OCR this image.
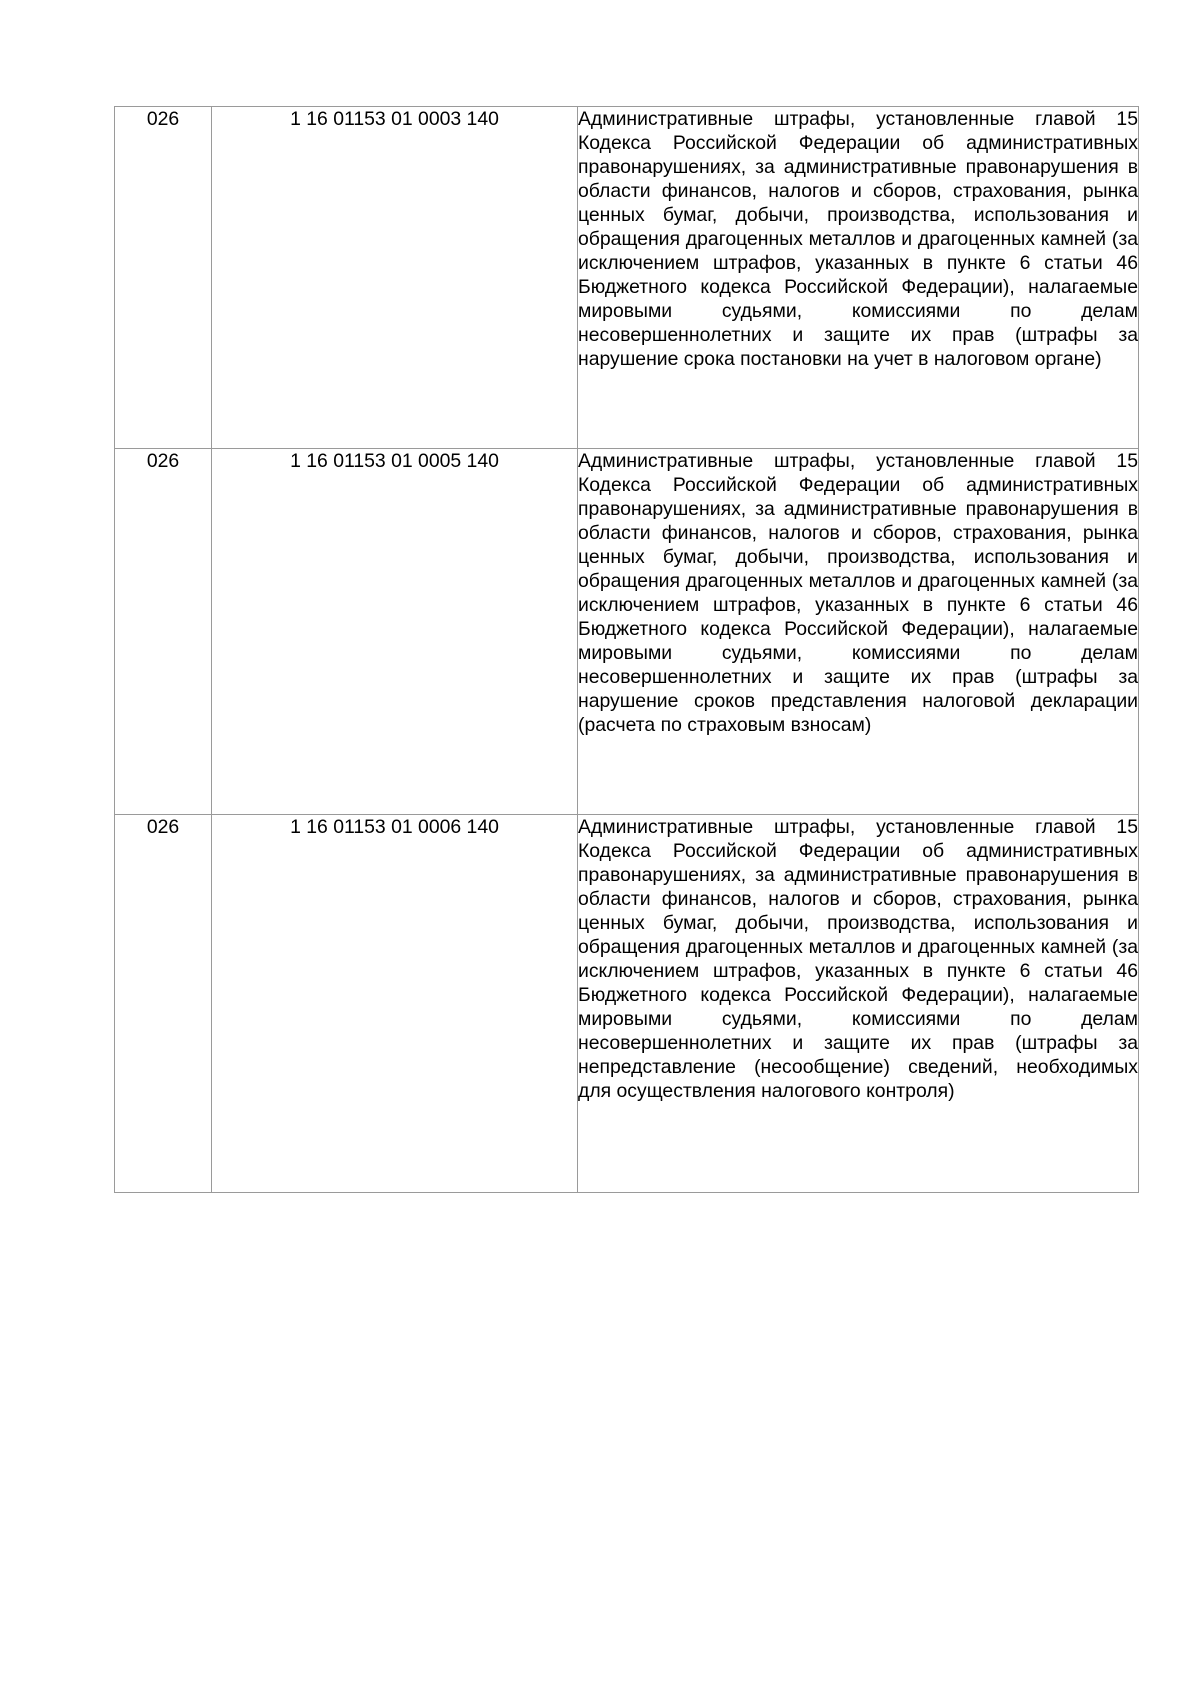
026	1 16 01153 01 0003 140	Административные штрафы, установленные главой 15 Кодекса Российской Федерации об административных правонарушениях, за административные правонарушения в области финансов, налогов и сборов, страхования, рынка ценных бумаг, добычи, производства, использования и обращения драгоценных металлов и драгоценных камней (за исключением штрафов, указанных в пункте 6 статьи 46 Бюджетного кодекса Российской Федерации), налагаемые мировыми судьями, комиссиями по делам несовершеннолетних и защите их прав (штрафы за нарушение срока постановки на учет в налоговом органе)
026	1 16 01153 01 0005 140	Административные штрафы, установленные главой 15 Кодекса Российской Федерации об административных правонарушениях, за административные правонарушения в области финансов, налогов и сборов, страхования, рынка ценных бумаг, добычи, производства, использования и обращения драгоценных металлов и драгоценных камней (за исключением штрафов, указанных в пункте 6 статьи 46 Бюджетного кодекса Российской Федерации), налагаемые мировыми судьями, комиссиями по делам несовершеннолетних и защите их прав (штрафы за нарушение сроков представления налоговой декларации (расчета по страховым взносам)
026	1 16 01153 01 0006 140	Административные штрафы, установленные главой 15 Кодекса Российской Федерации об административных правонарушениях, за административные правонарушения в области финансов, налогов и сборов, страхования, рынка ценных бумаг, добычи, производства, использования и обращения драгоценных металлов и драгоценных камней (за исключением штрафов, указанных в пункте 6 статьи 46 Бюджетного кодекса Российской Федерации), налагаемые мировыми судьями, комиссиями по делам несовершеннолетних и защите их прав (штрафы за непредставление (несообщение) сведений, необходимых для осуществления налогового контроля)
